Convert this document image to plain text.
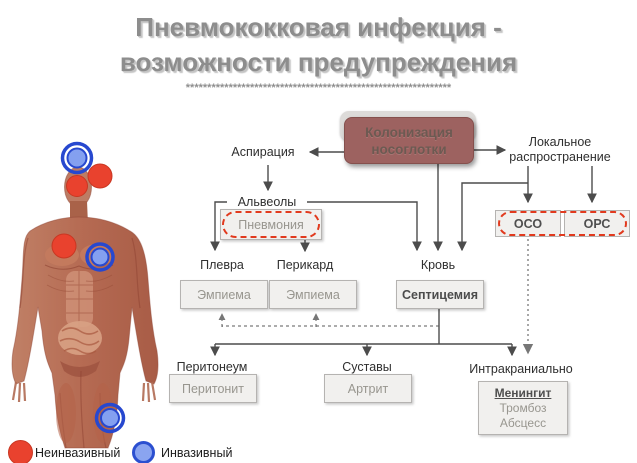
Пневмококковая инфекция -
возможности предупреждения
**************************************************************
Колонизация
носоглотки
Аспирация
Локальное
распространение
Альвеолы
Плевра	Перикард	Кровь
Перитонеум	Суставы	Интракраниально
Пневмония	ОСО	ОРС
Эмпиема	Эмпиема	Септицемия
Перитонит	Артрит	Менингит
Тромбоз
Абсцесс
Неинвазивный	Инвазивный
